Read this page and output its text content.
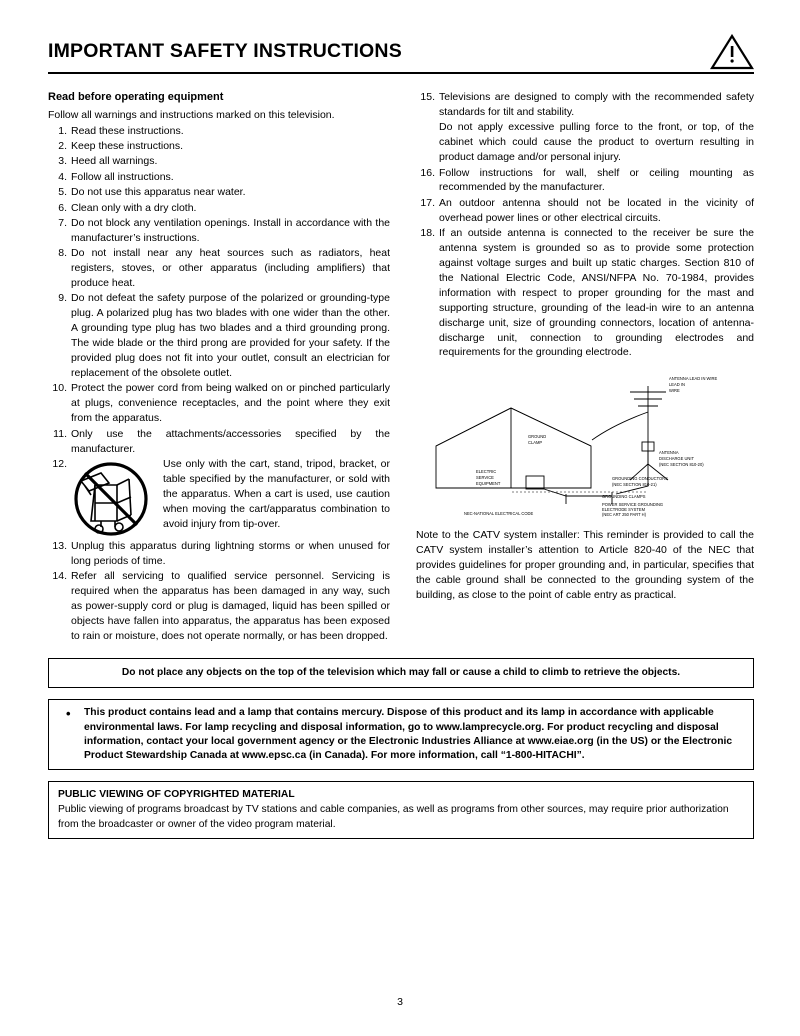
IMPORTANT SAFETY INSTRUCTIONS
Read before operating equipment
Follow all warnings and instructions marked on this television.
1. Read these instructions.
2. Keep these instructions.
3. Heed all warnings.
4. Follow all instructions.
5. Do not use this apparatus near water.
6. Clean only with a dry cloth.
7. Do not block any ventilation openings. Install in accordance with the manufacturer’s instructions.
8. Do not install near any heat sources such as radiators, heat registers, stoves, or other apparatus (including amplifiers) that produce heat.
9. Do not defeat the safety purpose of the polarized or grounding-type plug. A polarized plug has two blades with one wider than the other. A grounding type plug has two blades and a third grounding prong. The wide blade or the third prong are provided for your safety. If the provided plug does not fit into your outlet, consult an electrician for replacement of the obsolete outlet.
10. Protect the power cord from being walked on or pinched particularly at plugs, convenience receptacles, and the point where they exit from the apparatus.
11. Only use the attachments/accessories specified by the manufacturer.
12.	Use only with the cart, stand, tripod, bracket, or table specified by the manufacturer, or sold with the apparatus. When a cart is used, use caution when moving the cart/apparatus combination to avoid injury from tip-over.
13. Unplug this apparatus during lightning storms or when unused for long periods of time.
14. Refer all servicing to qualified service personnel. Servicing is required when the apparatus has been damaged in any way, such as power-supply cord or plug is damaged, liquid has been spilled or objects have fallen into apparatus, the apparatus has been exposed to rain or moisture, does not operate normally, or has been dropped.
15. Televisions are designed to comply with the recommended safety standards for tilt and stability.
Do not apply excessive pulling force to the front, or top, of the cabinet which could cause the product to overturn resulting in product damage and/or personal injury.
16. Follow instructions for wall, shelf or ceiling mounting as recommended by the manufacturer.
17. An outdoor antenna should not be located in the vicinity of overhead power lines or other electrical circuits.
18. If an outside antenna is connected to the receiver be sure the antenna system is grounded so as to provide some protection against voltage surges and built up static charges. Section 810 of the National Electric Code, ANSI/NFPA No. 70-1984, provides information with respect to proper grounding for the mast and supporting structure, grounding of the lead-in wire to an antenna discharge unit, size of grounding connectors, location of antenna-discharge unit, connection to grounding electrodes and requirements for the grounding electrode.
ANTENNA LEAD IN WIRE
LEAD IN
WIRE
GROUND
CLAMP
ANTENNA
DISCHARGE UNIT
(NEC SECTION 810-20)
ELECTRIC
SERVICE
EQUIPMENT
GROUNDING CONDUCTORS
(NEC SECTION 810-21)
GROUNDING CLAMPS
POWER SERVICE GROUNDING
ELECTRODE SYSTEM
(NEC ART 250 PART H)
NEC-NATIONAL ELECTRICAL CODE
Note to the CATV system installer: This reminder is provided to call the CATV system installer’s attention to Article 820-40 of the NEC that provides guidelines for proper grounding and, in particular, specifies that the cable ground shall be connected to the grounding system of the building, as close to the point of cable entry as practical.
Do not place any objects on the top of the television which may fall or cause a child to climb to retrieve the objects.
• This product contains lead and a lamp that contains mercury. Dispose of this product and its lamp in accordance with applicable environmental laws. For lamp recycling and disposal information, go to www.lamprecycle.org. For product recycling and disposal information, contact your local government agency or the Electronic Industries Alliance at www.eiae.org (in the US) or the Electronic Product Stewardship Canada at www.epsc.ca (in Canada). For more information, call “1-800-HITACHI”.
PUBLIC VIEWING OF COPYRIGHTED MATERIAL
Public viewing of programs broadcast by TV stations and cable companies, as well as programs from other sources, may require prior authorization from the broadcaster or owner of the video program material.
3
